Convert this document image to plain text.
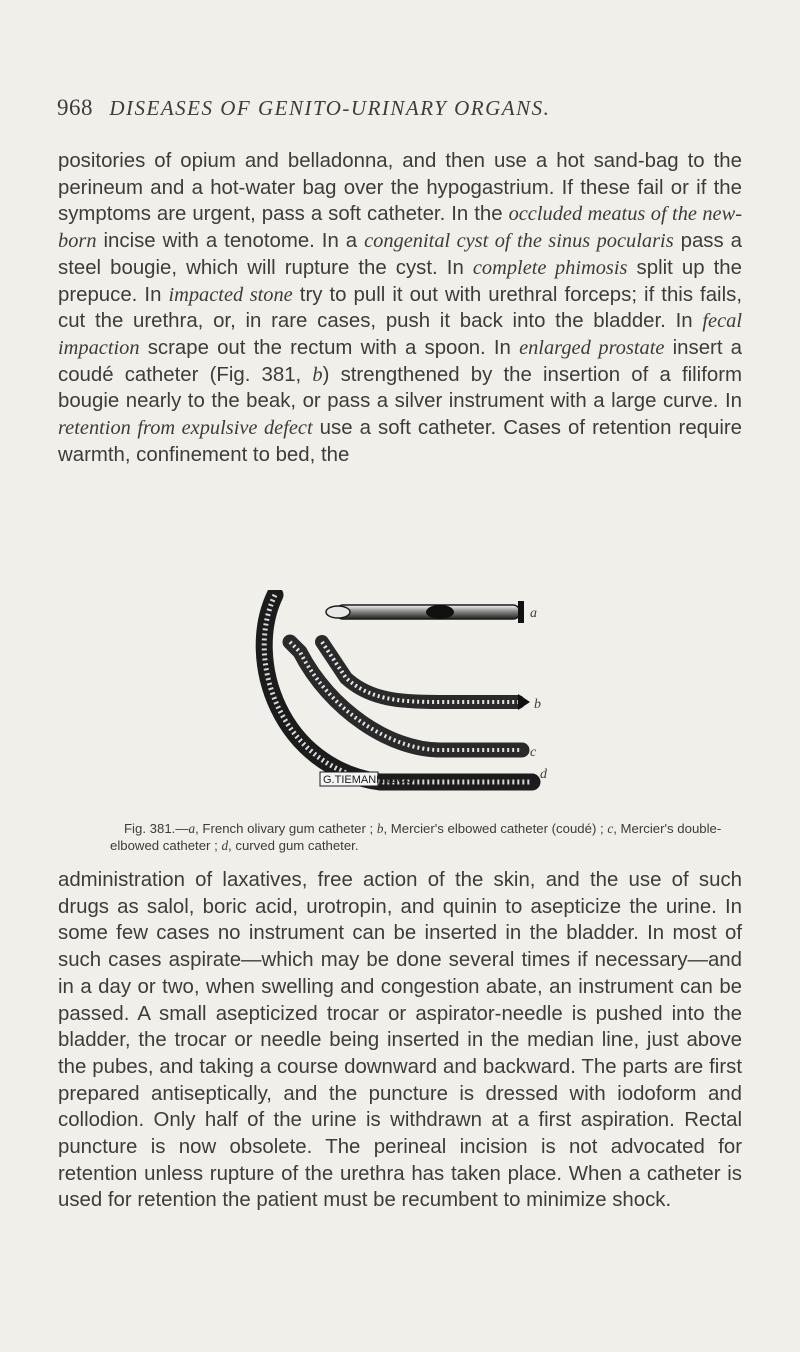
968 DISEASES OF GENITO-URINARY ORGANS.

positories of opium and belladonna, and then use a hot sand-bag to the perineum and a hot-water bag over the hypogastrium. If these fail or if the symptoms are urgent, pass a soft catheter. In the occluded meatus of the new-born incise with a tenotome. In a congenital cyst of the sinus pocularis pass a steel bougie, which will rupture the cyst. In complete phimosis split up the prepuce. In impacted stone try to pull it out with urethral forceps; if this fails, cut the urethra, or, in rare cases, push it back into the bladder. In fecal impaction scrape out the rectum with a spoon. In enlarged prostate insert a coudé catheter (Fig. 381, b) strengthened by the insertion of a filiform bougie nearly to the beak, or pass a silver instrument with a large curve. In retention from expulsive defect use a soft catheter. Cases of retention require warmth, confinement to bed, the

G.TIEMANN & CO.
a
b
c
d
Fig. 381.—a, French olivary gum catheter ; b, Mercier's elbowed catheter (coudé) ; c, Mercier's double-elbowed catheter ; d, curved gum catheter.

administration of laxatives, free action of the skin, and the use of such drugs as salol, boric acid, urotropin, and quinin to asepticize the urine. In some few cases no instrument can be inserted in the bladder. In most of such cases aspirate—which may be done several times if necessary—and in a day or two, when swelling and congestion abate, an instrument can be passed. A small asepticized trocar or aspirator-needle is pushed into the bladder, the trocar or needle being inserted in the median line, just above the pubes, and taking a course downward and backward. The parts are first prepared antiseptically, and the puncture is dressed with iodoform and collodion. Only half of the urine is withdrawn at a first aspiration. Rectal puncture is now obsolete. The perineal incision is not advocated for retention unless rupture of the urethra has taken place. When a catheter is used for retention the patient must be recumbent to minimize shock.
